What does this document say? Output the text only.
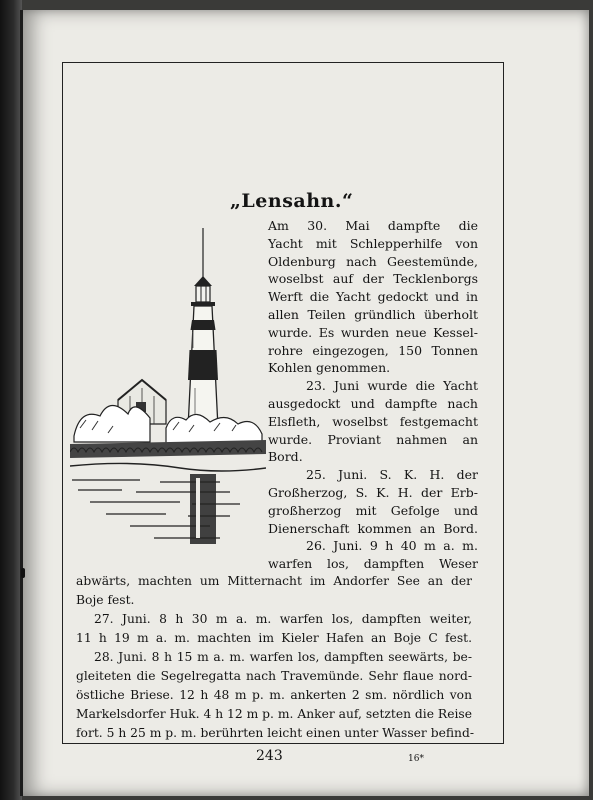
„Lensahn.“

Am 30. Mai dampfte die

Yacht mit Schlepperhilfe von

Oldenburg nach Geestemünde,

woselbst auf der Tecklenborgs

Werft die Yacht gedockt und in

allen Teilen gründlich überholt

wurde. Es wurden neue Kessel-

rohre eingezogen, 150 Tonnen

Kohlen genommen.

23. Juni wurde die Yacht

ausgedockt und dampfte nach

Elsfleth, woselbst festgemacht

wurde. Proviant nahmen an

Bord.

25. Juni. S. K. H. der

Großherzog, S. K. H. der Erb-

großherzog mit Gefolge und

Dienerschaft kommen an Bord.

26. Juni. 9 h 40 m a. m.

warfen los, dampften Weser

abwärts, machten um Mitternacht im Andorfer See an der

Boje fest.

27. Juni. 8 h 30 m a. m. warfen los, dampften weiter,

11 h 19 m a. m. machten im Kieler Hafen an Boje C fest.

28. Juni. 8 h 15 m a. m. warfen los, dampften seewärts, be-

gleiteten die Segelregatta nach Travemünde. Sehr flaue nord-

östliche Briese. 12 h 48 m p. m. ankerten 2 sm. nördlich von

Markelsdorfer Huk. 4 h 12 m p. m. Anker auf, setzten die Reise

243	16*

fort. 5 h 25 m p. m. berührten leicht einen unter Wasser befind-
